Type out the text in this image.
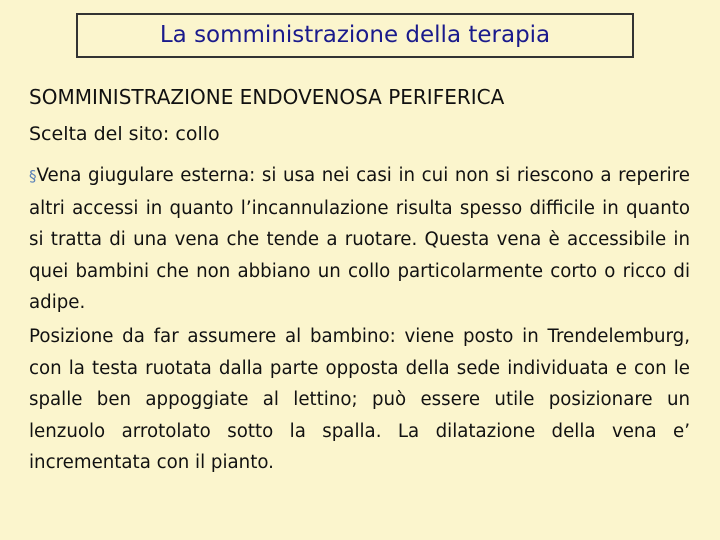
La somministrazione della terapia
SOMMINISTRAZIONE ENDOVENOSA PERIFERICA
Scelta del sito: collo

§Vena giugulare esterna: si usa nei casi in cui non si riescono a reperire altri accessi in quanto l’incannulazione risulta spesso difficile in quanto si tratta di una vena che tende a ruotare. Questa vena è accessibile in quei bambini che non abbiano un collo particolarmente corto o ricco di adipe.

Posizione da far assumere al bambino: viene posto in Trendelemburg, con la testa ruotata dalla parte opposta della sede individuata e con le spalle ben appoggiate al lettino; può essere utile posizionare un lenzuolo arrotolato sotto la spalla. La dilatazione della vena e’ incrementata con il pianto.
